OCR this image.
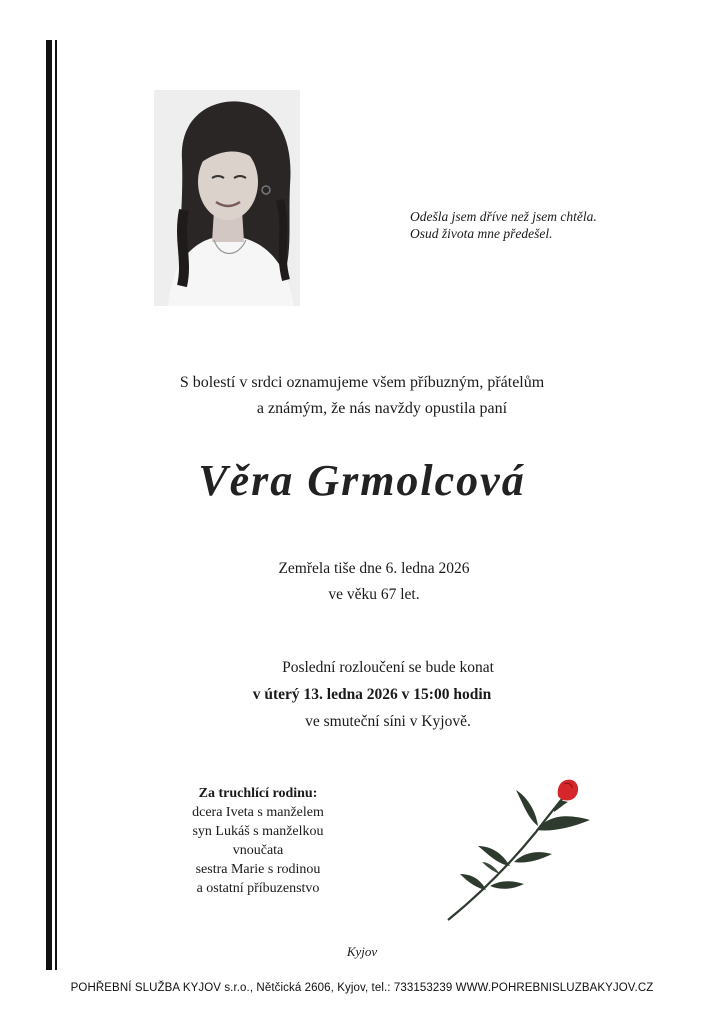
Odešla jsem dříve než jsem chtěla.
Osud života mne předešel.
S bolestí v srdci oznamujeme všem příbuzným, přátelům
a známým, že nás navždy opustila paní
Věra Grmolcová
Zemřela tiše dne 6. ledna 2026
ve věku 67 let.
Poslední rozloučení se bude konat
v úterý 13. ledna 2026 v 15:00 hodin
ve smuteční síni v Kyjově.
Za truchlící rodinu:
dcera Iveta s manželem
syn Lukáš s manželkou
vnoučata
sestra Marie s rodinou
a ostatní příbuzenstvo
Kyjov
POHŘEBNÍ SLUŽBA KYJOV s.r.o., Nětčická 2606, Kyjov, tel.: 733153239 WWW.POHREBNISLUZBAKYJOV.CZ
